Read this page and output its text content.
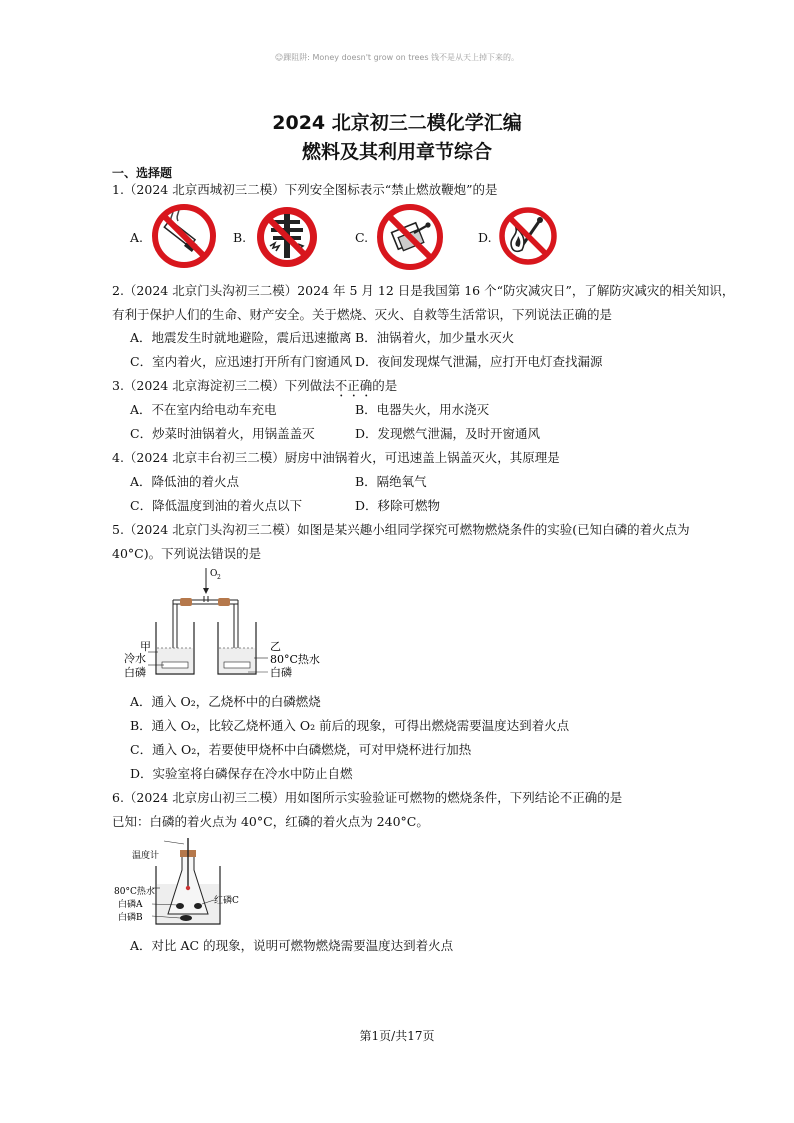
☺踝阻阱: Money doesn't grow on trees 钱不是从天上掉下来的。
2024 北京初三二模化学汇编
燃料及其利用章节综合
一、选择题
1.（2024 北京西城初三二模）下列安全图标表示“禁止燃放鞭炮”的是
A.	B.	C.	D.
2.（2024 北京门头沟初三二模）2024 年 5 月 12 日是我国第 16 个“防灾减灾日”，了解防灾减灾的相关知识，
有利于保护人们的生命、财产安全。关于燃烧、灭火、自救等生活常识，下列说法正确的是
A．地震发生时就地避险，震后迅速撤离 B．油锅着火，加少量水灭火
C．室内着火，应迅速打开所有门窗通风 D．夜间发现煤气泄漏，应打开电灯查找漏源
3.（2024 北京海淀初三二模）下列做法不正确的是
A．不在室内给电动车充电	B．电器失火，用水浇灭
C．炒菜时油锅着火，用锅盖盖灭	D．发现燃气泄漏，及时开窗通风
4.（2024 北京丰台初三二模）厨房中油锅着火，可迅速盖上锅盖灭火，其原理是
A．降低油的着火点	B．隔绝氧气
C．降低温度到油的着火点以下	D．移除可燃物
5.（2024 北京门头沟初三二模）如图是某兴趣小组同学探究可燃物燃烧条件的实验(已知白磷的着火点为
40°C)。下列说法错误的是
O 2
甲
冷水
白磷
乙
80°C热水
白磷
A．通入 O₂，乙烧杯中的白磷燃烧
B．通入 O₂，比较乙烧杯通入 O₂ 前后的现象，可得出燃烧需要温度达到着火点
C．通入 O₂，若要使甲烧杯中白磷燃烧，可对甲烧杯进行加热
D．实验室将白磷保存在冷水中防止自燃
6.（2024 北京房山初三二模）用如图所示实验验证可燃物的燃烧条件，下列结论不正确的是
已知：白磷的着火点为 40°C，红磷的着火点为 240°C。
温度计
80°C热水
白磷A
白磷B
红磷C
A．对比 AC 的现象，说明可燃物燃烧需要温度达到着火点
第1页/共17页
